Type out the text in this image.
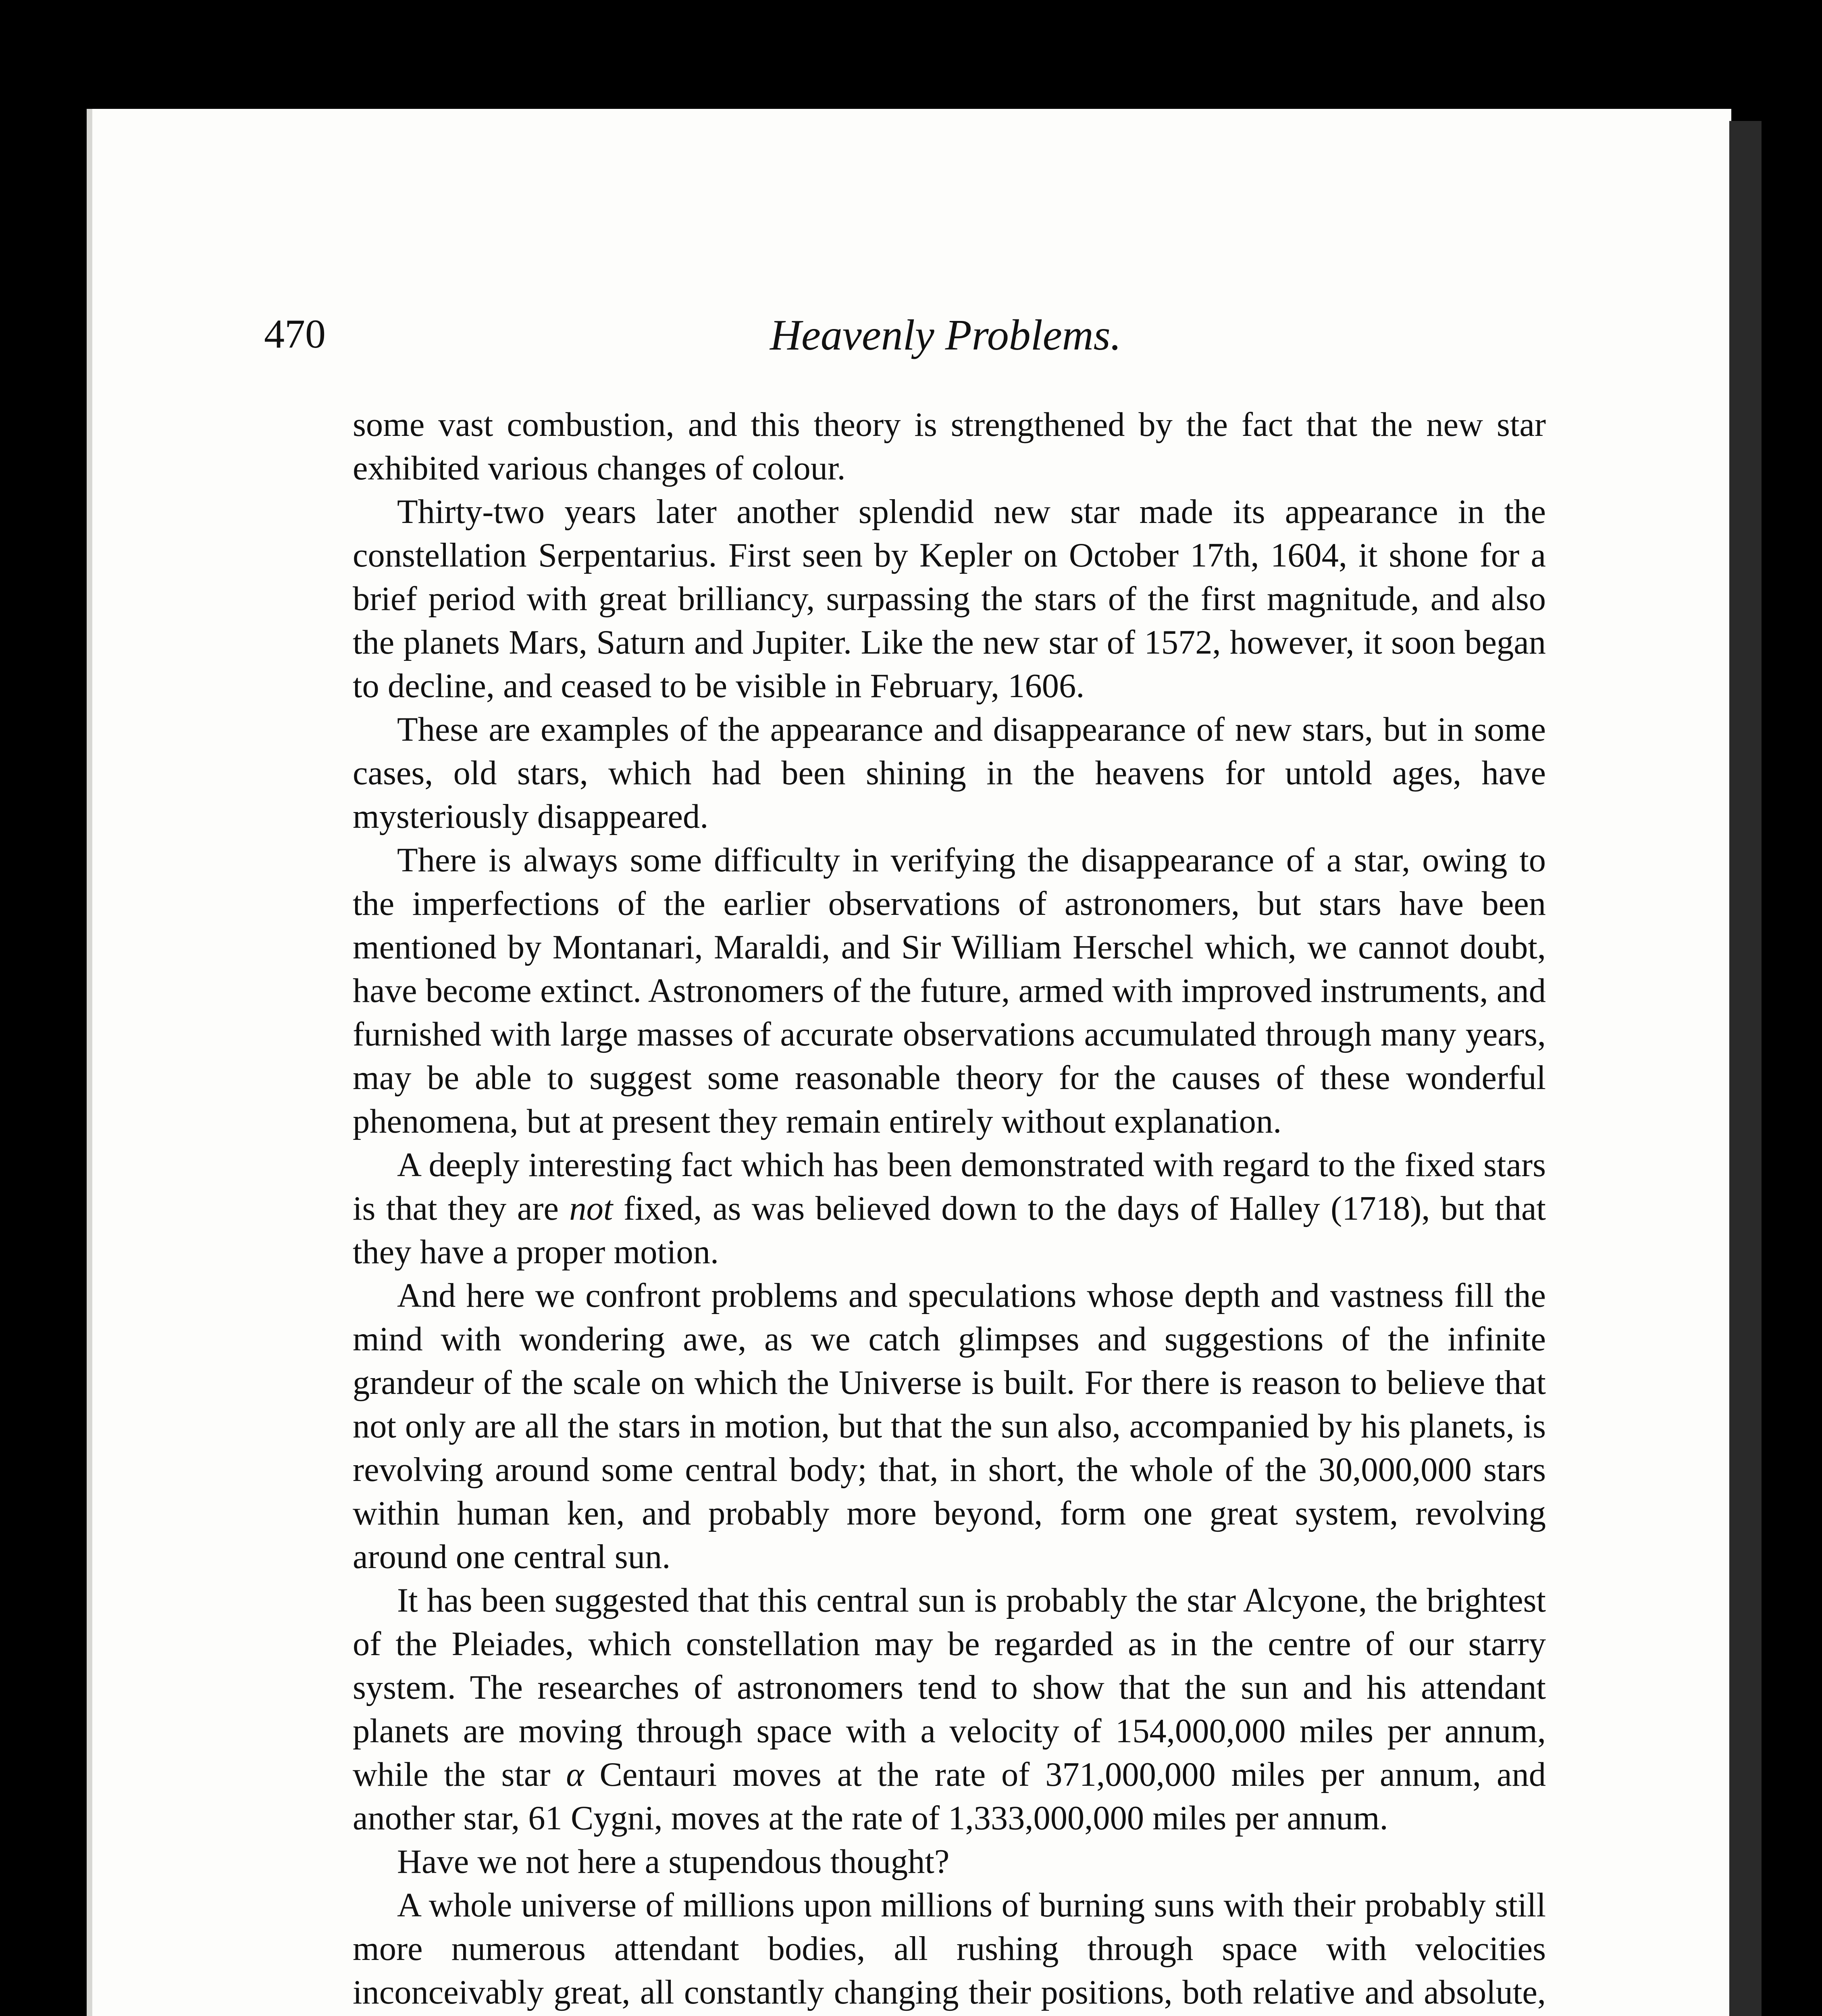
470	Heavenly Problems.

some vast combustion, and this theory is strengthened by the fact that the new star exhibited various changes of colour.

Thirty-two years later another splendid new star made its appearance in the constellation Serpentarius. First seen by Kepler on October 17th, 1604, it shone for a brief period with great brilliancy, surpassing the stars of the first magnitude, and also the planets Mars, Saturn and Jupiter. Like the new star of 1572, however, it soon began to decline, and ceased to be visible in February, 1606.

These are examples of the appearance and disappearance of new stars, but in some cases, old stars, which had been shining in the heavens for untold ages, have mysteriously disappeared.

There is always some difficulty in verifying the disappearance of a star, owing to the imperfections of the earlier observations of astronomers, but stars have been mentioned by Montanari, Maraldi, and Sir William Herschel which, we cannot doubt, have become extinct. Astronomers of the future, armed with improved instruments, and furnished with large masses of accurate observations accumulated through many years, may be able to suggest some reasonable theory for the causes of these wonderful phenomena, but at present they remain entirely without explanation.

A deeply interesting fact which has been demonstrated with regard to the fixed stars is that they are not fixed, as was believed down to the days of Halley (1718), but that they have a proper motion.

And here we confront problems and speculations whose depth and vastness fill the mind with wondering awe, as we catch glimpses and suggestions of the infinite grandeur of the scale on which the Universe is built. For there is reason to believe that not only are all the stars in motion, but that the sun also, accompanied by his planets, is revolving around some central body; that, in short, the whole of the 30,000,000 stars within human ken, and probably more beyond, form one great system, revolving around one central sun.

It has been suggested that this central sun is probably the star Alcyone, the brightest of the Pleiades, which constellation may be regarded as in the centre of our starry system. The researches of astronomers tend to show that the sun and his attendant planets are moving through space with a velocity of 154,000,000 miles per annum, while the star α Centauri moves at the rate of 371,000,000 miles per annum, and another star, 61 Cygni, moves at the rate of 1,333,000,000 miles per annum.

Have we not here a stupendous thought?

A whole universe of millions upon millions of burning suns with their probably still more numerous attendant bodies, all rushing through space with velocities inconceivably great, all constantly changing their positions, both relative and absolute,
